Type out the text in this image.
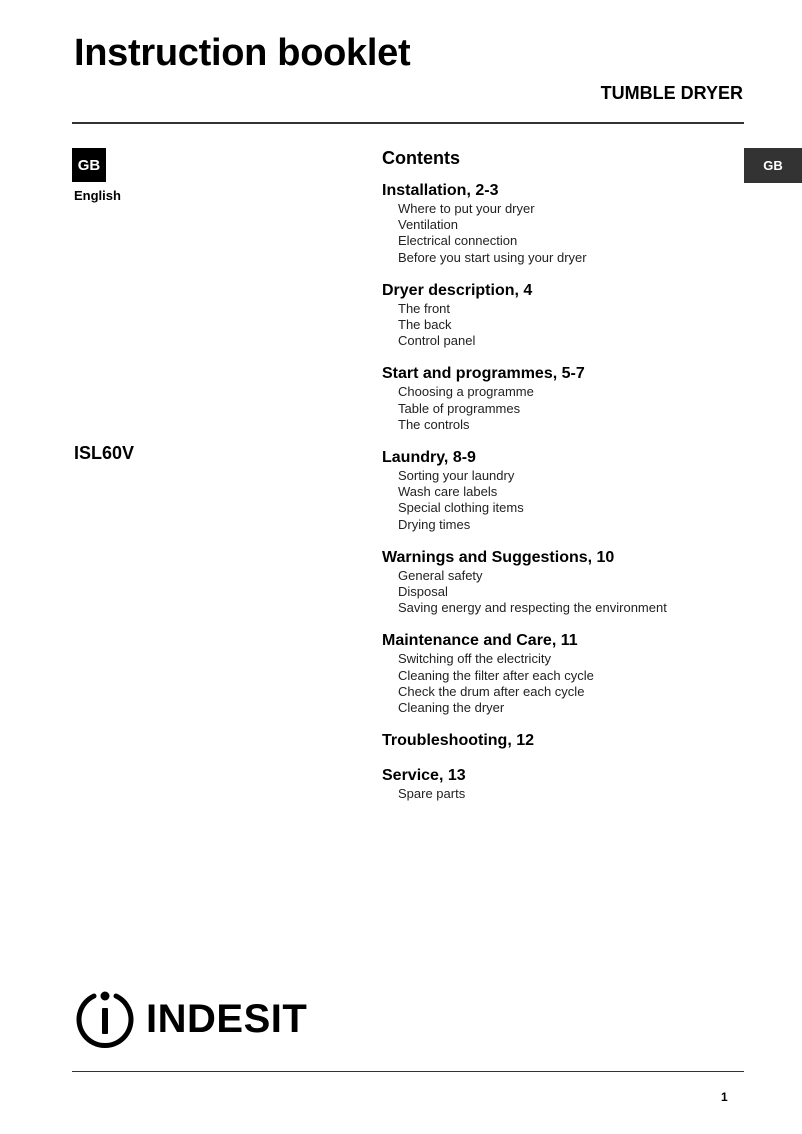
Instruction booklet
TUMBLE DRYER
GB
English
GB
ISL60V
Contents
Installation, 2-3
Where to put your dryer
Ventilation
Electrical connection
Before you start using your dryer
Dryer description, 4
The front
The back
Control panel
Start and programmes, 5-7
Choosing a programme
Table of programmes
The controls
Laundry, 8-9
Sorting your laundry
Wash care labels
Special clothing items
Drying times
Warnings and Suggestions, 10
General safety
Disposal
Saving energy and respecting the environment
Maintenance and Care, 11
Switching off the electricity
Cleaning the filter after each cycle
Check the drum after each cycle
Cleaning the dryer
Troubleshooting, 12
Service, 13
Spare parts
INDESIT
1
